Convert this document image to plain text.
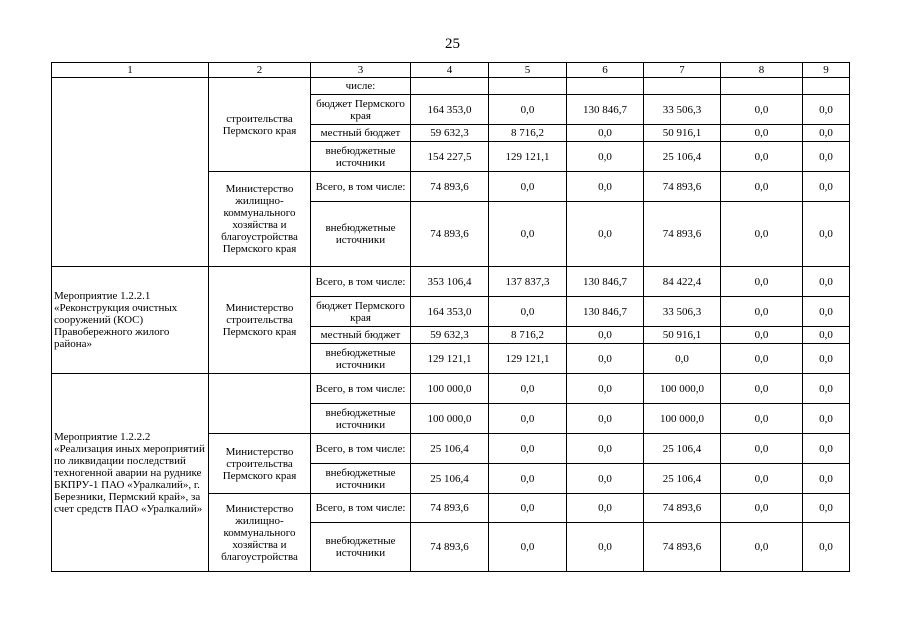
25
1	2	3	4	5	6	7	8	9
	строительства Пермского края	числе:						
		бюджет Пермского края	164 353,0	0,0	130 846,7	33 506,3	0,0	0,0
		местный бюджет	59 632,3	8 716,2	0,0	50 916,1	0,0	0,0
		внебюджетные источники	154 227,5	129 121,1	0,0	25 106,4	0,0	0,0
	Министерство жилищно-коммунального хозяйства и благоустройства Пермского края	Всего, в том числе:	74 893,6	0,0	0,0	74 893,6	0,0	0,0
		внебюджетные источники	74 893,6	0,0	0,0	74 893,6	0,0	0,0
Мероприятие 1.2.2.1 «Реконструкция очистных сооружений (КОС) Правобережного жилого района»	Министерство строительства Пермского края	Всего, в том числе:	353 106,4	137 837,3	130 846,7	84 422,4	0,0	0,0
		бюджет Пермского края	164 353,0	0,0	130 846,7	33 506,3	0,0	0,0
		местный бюджет	59 632,3	8 716,2	0,0	50 916,1	0,0	0,0
		внебюджетные источники	129 121,1	129 121,1	0,0	0,0	0,0	0,0
Мероприятие 1.2.2.2 «Реализация иных мероприятий по ликвидации последствий техногенной аварии на руднике БКПРУ-1 ПАО «Уралкалий», г. Березники, Пермский край», за счет средств ПАО «Уралкалий»		Всего, в том числе:	100 000,0	0,0	0,0	100 000,0	0,0	0,0
		внебюджетные источники	100 000,0	0,0	0,0	100 000,0	0,0	0,0
	Министерство строительства Пермского края	Всего, в том числе:	25 106,4	0,0	0,0	25 106,4	0,0	0,0
		внебюджетные источники	25 106,4	0,0	0,0	25 106,4	0,0	0,0
	Министерство жилищно-коммунального хозяйства и благоустройства	Всего, в том числе:	74 893,6	0,0	0,0	74 893,6	0,0	0,0
		внебюджетные источники	74 893,6	0,0	0,0	74 893,6	0,0	0,0
